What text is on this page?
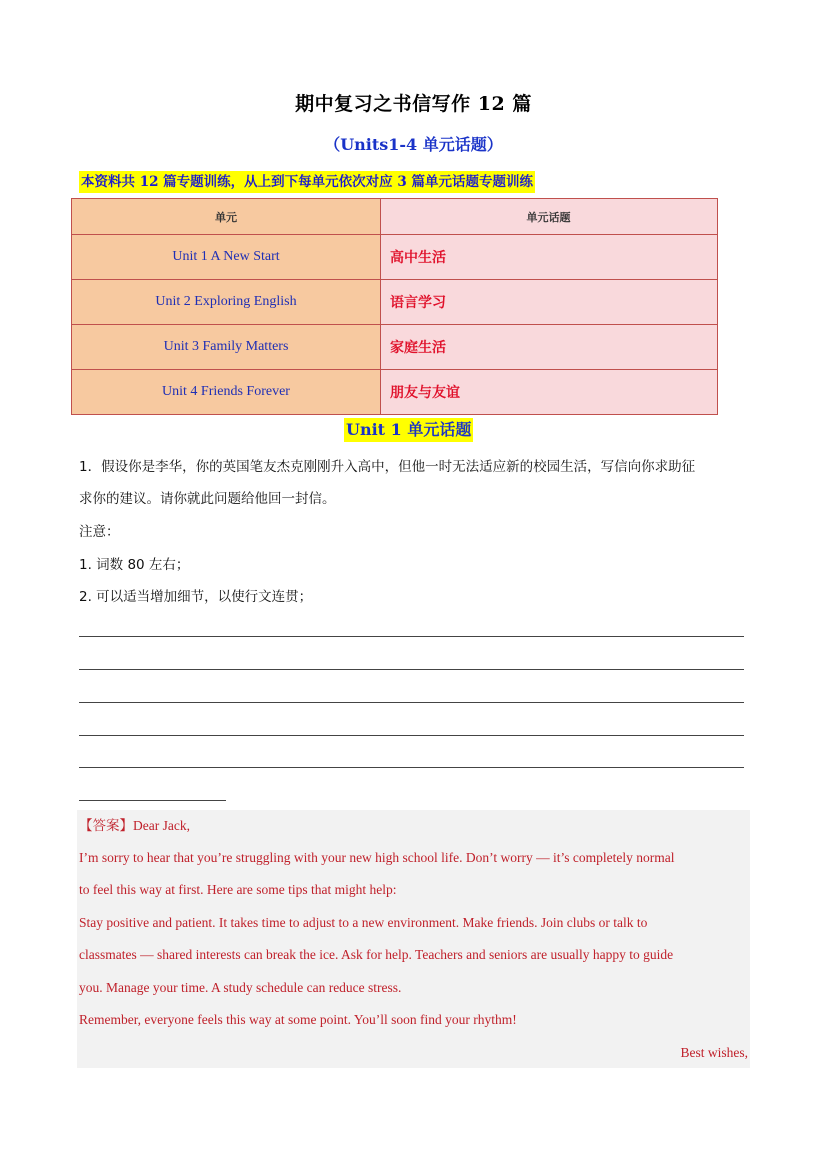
期中复习之书信写作 12 篇
（Units1-4 单元话题）
本资料共 12 篇专题训练，从上到下每单元依次对应 3 篇单元话题专题训练
单元	单元话题
Unit 1 A New Start	高中生活
Unit 2 Exploring English	语言学习
Unit 3 Family Matters	家庭生活
Unit 4 Friends Forever	朋友与友谊
Unit 1 单元话题
1．假设你是李华，你的英国笔友杰克刚刚升入高中，但他一时无法适应新的校园生活，写信向你求助征
求你的建议。请你就此问题给他回一封信。
注意：
1. 词数 80 左右；
2. 可以适当增加细节，以使行文连贯；
【答案】Dear Jack,
I’m sorry to hear that you’re struggling with your new high school life. Don’t worry — it’s completely normal
to feel this way at first. Here are some tips that might help:
Stay positive and patient. It takes time to adjust to a new environment. Make friends. Join clubs or talk to
classmates — shared interests can break the ice. Ask for help. Teachers and seniors are usually happy to guide
you. Manage your time. A study schedule can reduce stress.
Remember, everyone feels this way at some point. You’ll soon find your rhythm!
Best wishes,
